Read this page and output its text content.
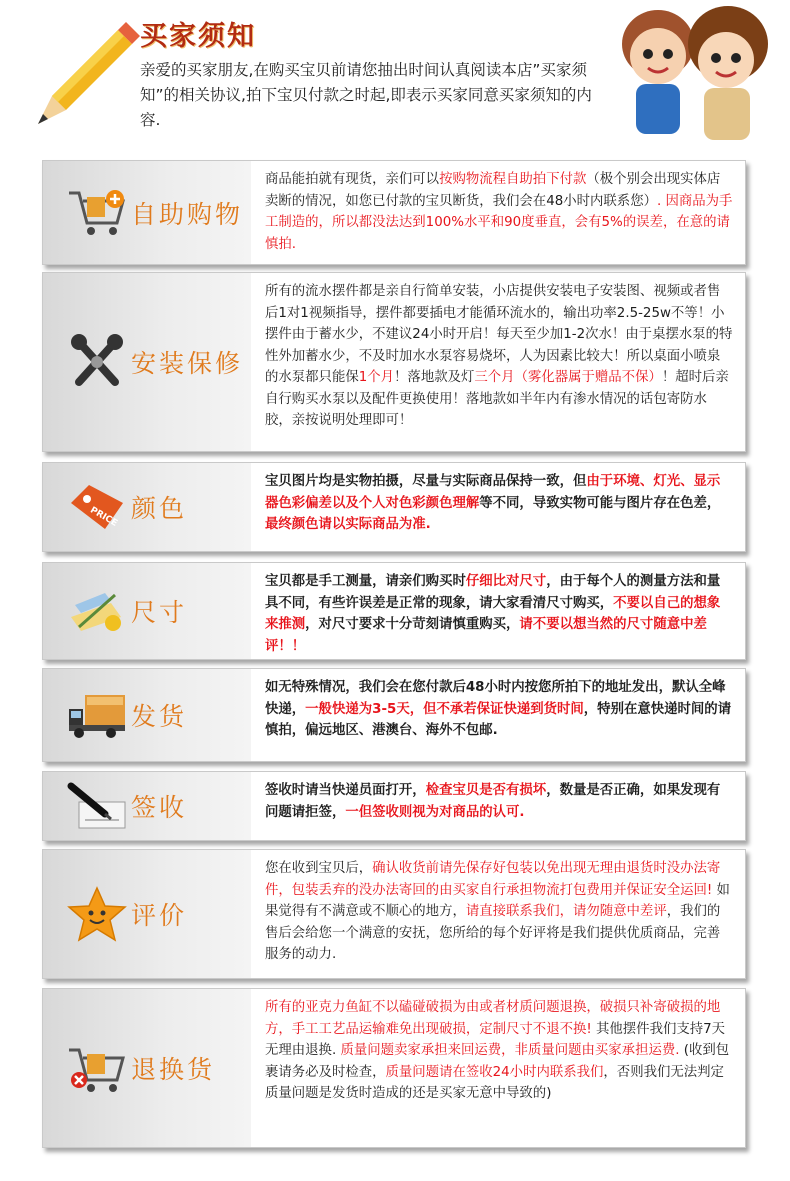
买家须知
亲爱的买家朋友,在购买宝贝前请您抽出时间认真阅读本店”买家须知”的相关协议,拍下宝贝付款之时起,即表示买家同意买家须知的内容.
自助购物
商品能拍就有现货，亲们可以按购物流程自助拍下付款（极个别会出现实体店卖断的情况，如您已付款的宝贝断货，我们会在48小时内联系您）. 因商品为手工制造的，所以都没法达到100%水平和90度垂直，会有5%的误差，在意的请慎拍.
安装保修
所有的流水摆件都是亲自行简单安装，小店提供安装电子安装图、视频或者售后1对1视频指导，摆件都要插电才能循环流水的，输出功率2.5-25w不等！小摆件由于蓄水少，不建议24小时开启！每天至少加1-2次水！由于桌摆水泵的特性外加蓄水少，不及时加水水泵容易烧坏，人为因素比较大！所以桌面小喷泉的水泵都只能保1个月！落地款及灯三个月（雾化器属于赠品不保）！超时后亲自行购买水泵以及配件更换使用！落地款如半年内有渗水情况的话包寄防水胶，亲按说明处理即可！
PRICE 颜色
宝贝图片均是实物拍摄，尽量与实际商品保持一致，但由于环境、灯光、显示器色彩偏差以及个人对色彩颜色理解等不同，导致实物可能与图片存在色差，最终颜色请以实际商品为准.
尺寸
宝贝都是手工测量，请亲们购买时仔细比对尺寸，由于每个人的测量方法和量具不同，有些许误差是正常的现象，请大家看清尺寸购买，不要以自己的想象来推测，对尺寸要求十分苛刻请慎重购买，请不要以想当然的尺寸随意中差评！！
发货
如无特殊情况，我们会在您付款后48小时内按您所拍下的地址发出，默认全峰快递，一般快递为3-5天，但不承若保证快递到货时间，特别在意快递时间的请慎拍，偏远地区、港澳台、海外不包邮.
签收
签收时请当快递员面打开，检查宝贝是否有损坏，数量是否正确，如果发现有问题请拒签，一但签收则视为对商品的认可.
评价
您在收到宝贝后，确认收货前请先保存好包装以免出现无理由退货时没办法寄件，包装丢弃的没办法寄回的由买家自行承担物流打包费用并保证安全运回! 如果觉得有不满意或不顺心的地方，请直接联系我们，请勿随意中差评，我们的售后会给您一个满意的安抚，您所给的每个好评将是我们提供优质商品，完善服务的动力.
退换货
所有的亚克力鱼缸不以磕碰破损为由或者材质问题退换，破损只补寄破损的地方，手工工艺品运输难免出现破损，定制尺寸不退不换! 其他摆件我们支持7天无理由退换. 质量问题卖家承担来回运费，非质量问题由买家承担运费. (收到包裹请务必及时检查，质量问题请在签收24小时内联系我们，否则我们无法判定质量问题是发货时造成的还是买家无意中导致的)
